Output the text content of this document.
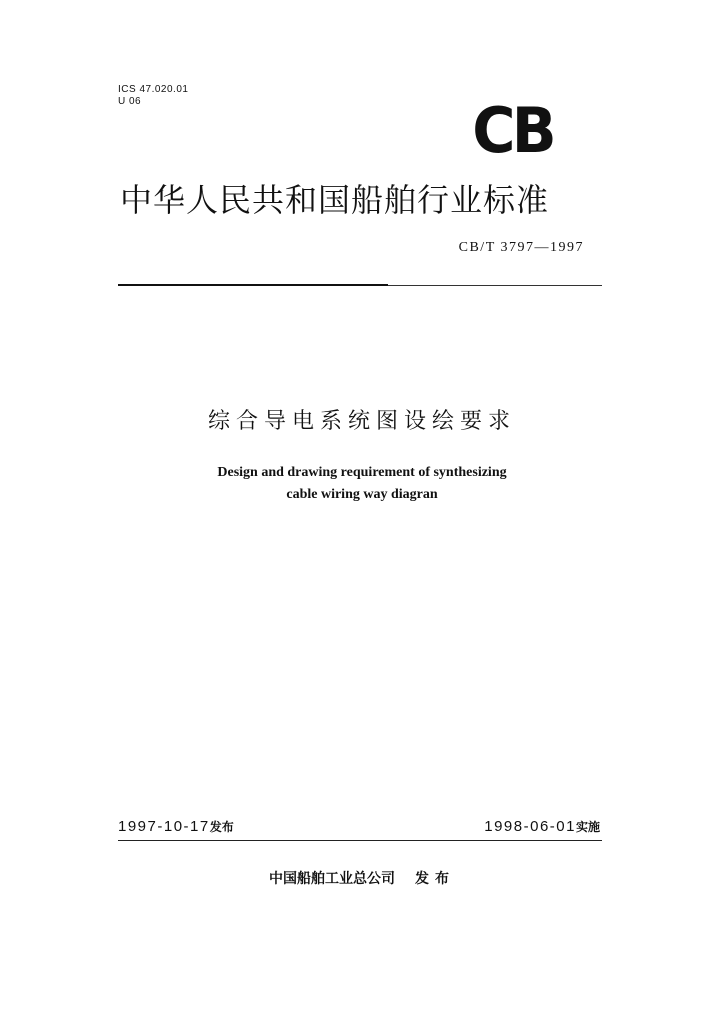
ICS 47.020.01
U 06	CB
中华人民共和国船舶行业标准
CB/T 3797—1997
综合导电系统图设绘要求
Design and drawing requirement of synthesizing
cable wiring way diagran
1997-10-17发布	1998-06-01实施
中国船舶工业总公司 发布
